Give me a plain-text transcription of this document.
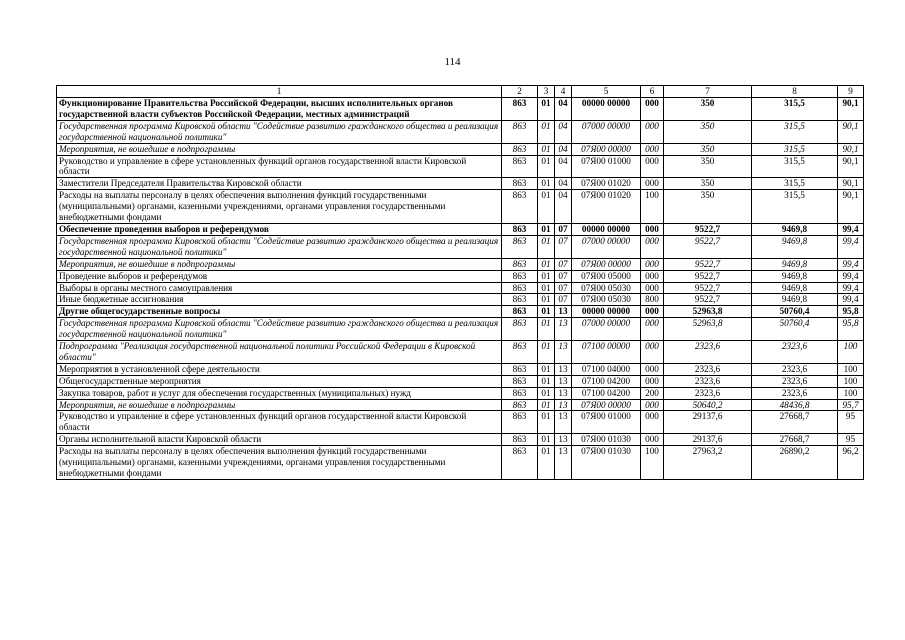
114
1	2	3	4	5	6	7	8	9
Функционирование Правительства Российской Федерации, высших исполнительных органов государственной власти субъектов Российской Федерации, местных администраций	863	01	04	00000 00000	000	350	315,5	90,1
Государственная программа Кировской области "Содействие развитию гражданского общества и реализация государственной национальной политики"	863	01	04	07000 00000	000	350	315,5	90,1
Мероприятия, не вошедшие в подпрограммы	863	01	04	07Я00 00000	000	350	315,5	90,1
Руководство и управление в сфере установленных функций органов государственной власти Кировской области	863	01	04	07Я00 01000	000	350	315,5	90,1
Заместители Председателя Правительства Кировской области	863	01	04	07Я00 01020	000	350	315,5	90,1
Расходы на выплаты персоналу в целях обеспечения выполнения функций государственными (муниципальными) органами, казенными учреждениями, органами управления государственными внебюджетными фондами	863	01	04	07Я00 01020	100	350	315,5	90,1
Обеспечение проведения выборов и референдумов	863	01	07	00000 00000	000	9522,7	9469,8	99,4
Государственная программа Кировской области "Содействие развитию гражданского общества и реализация государственной национальной политики"	863	01	07	07000 00000	000	9522,7	9469,8	99,4
Мероприятия, не вошедшие в подпрограммы	863	01	07	07Я00 00000	000	9522,7	9469,8	99,4
Проведение выборов и референдумов	863	01	07	07Я00 05000	000	9522,7	9469,8	99,4
Выборы в органы местного самоуправления	863	01	07	07Я00 05030	000	9522,7	9469,8	99,4
Иные бюджетные ассигнования	863	01	07	07Я00 05030	800	9522,7	9469,8	99,4
Другие общегосударственные вопросы	863	01	13	00000 00000	000	52963,8	50760,4	95,8
Государственная программа Кировской области "Содействие развитию гражданского общества и реализация государственной национальной политики"	863	01	13	07000 00000	000	52963,8	50760,4	95,8
Подпрограмма "Реализация государственной национальной политики Российской Федерации в Кировской области"	863	01	13	07100 00000	000	2323,6	2323,6	100
Мероприятия в установленной сфере деятельности	863	01	13	07100 04000	000	2323,6	2323,6	100
Общегосударственные мероприятия	863	01	13	07100 04200	000	2323,6	2323,6	100
Закупка товаров, работ и услуг для обеспечения государственных (муниципальных) нужд	863	01	13	07100 04200	200	2323,6	2323,6	100
Мероприятия, не вошедшие в подпрограммы	863	01	13	07Я00 00000	000	50640,2	48436,8	95,7
Руководство и управление в сфере установленных функций органов государственной власти Кировской области	863	01	13	07Я00 01000	000	29137,6	27668,7	95
Органы исполнительной власти Кировской области	863	01	13	07Я00 01030	000	29137,6	27668,7	95
Расходы на выплаты персоналу в целях обеспечения выполнения функций государственными (муниципальными) органами, казенными учреждениями, органами управления государственными внебюджетными фондами	863	01	13	07Я00 01030	100	27963,2	26890,2	96,2
